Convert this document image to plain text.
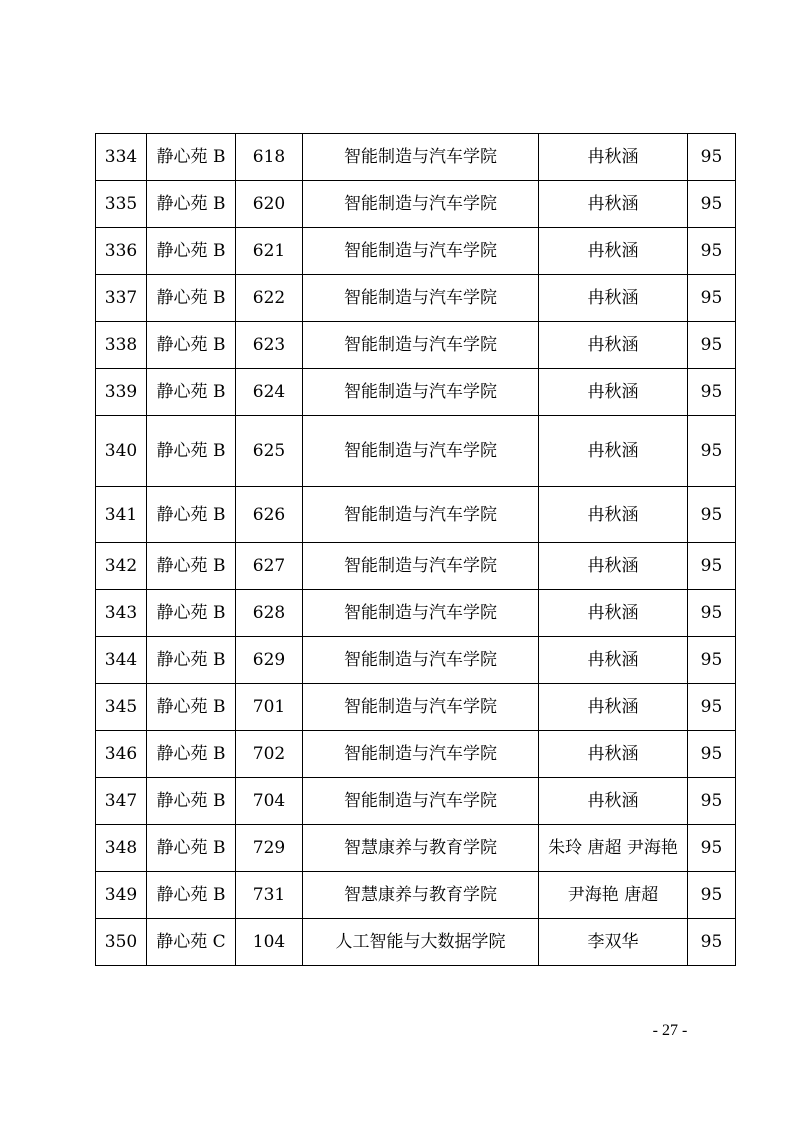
334	静心苑 B	618	智能制造与汽车学院	冉秋涵	95
335	静心苑 B	620	智能制造与汽车学院	冉秋涵	95
336	静心苑 B	621	智能制造与汽车学院	冉秋涵	95
337	静心苑 B	622	智能制造与汽车学院	冉秋涵	95
338	静心苑 B	623	智能制造与汽车学院	冉秋涵	95
339	静心苑 B	624	智能制造与汽车学院	冉秋涵	95
340	静心苑 B	625	智能制造与汽车学院	冉秋涵	95
341	静心苑 B	626	智能制造与汽车学院	冉秋涵	95
342	静心苑 B	627	智能制造与汽车学院	冉秋涵	95
343	静心苑 B	628	智能制造与汽车学院	冉秋涵	95
344	静心苑 B	629	智能制造与汽车学院	冉秋涵	95
345	静心苑 B	701	智能制造与汽车学院	冉秋涵	95
346	静心苑 B	702	智能制造与汽车学院	冉秋涵	95
347	静心苑 B	704	智能制造与汽车学院	冉秋涵	95
348	静心苑 B	729	智慧康养与教育学院	朱玲 唐超 尹海艳	95
349	静心苑 B	731	智慧康养与教育学院	尹海艳 唐超	95
350	静心苑 C	104	人工智能与大数据学院	李双华	95
- 27 -
